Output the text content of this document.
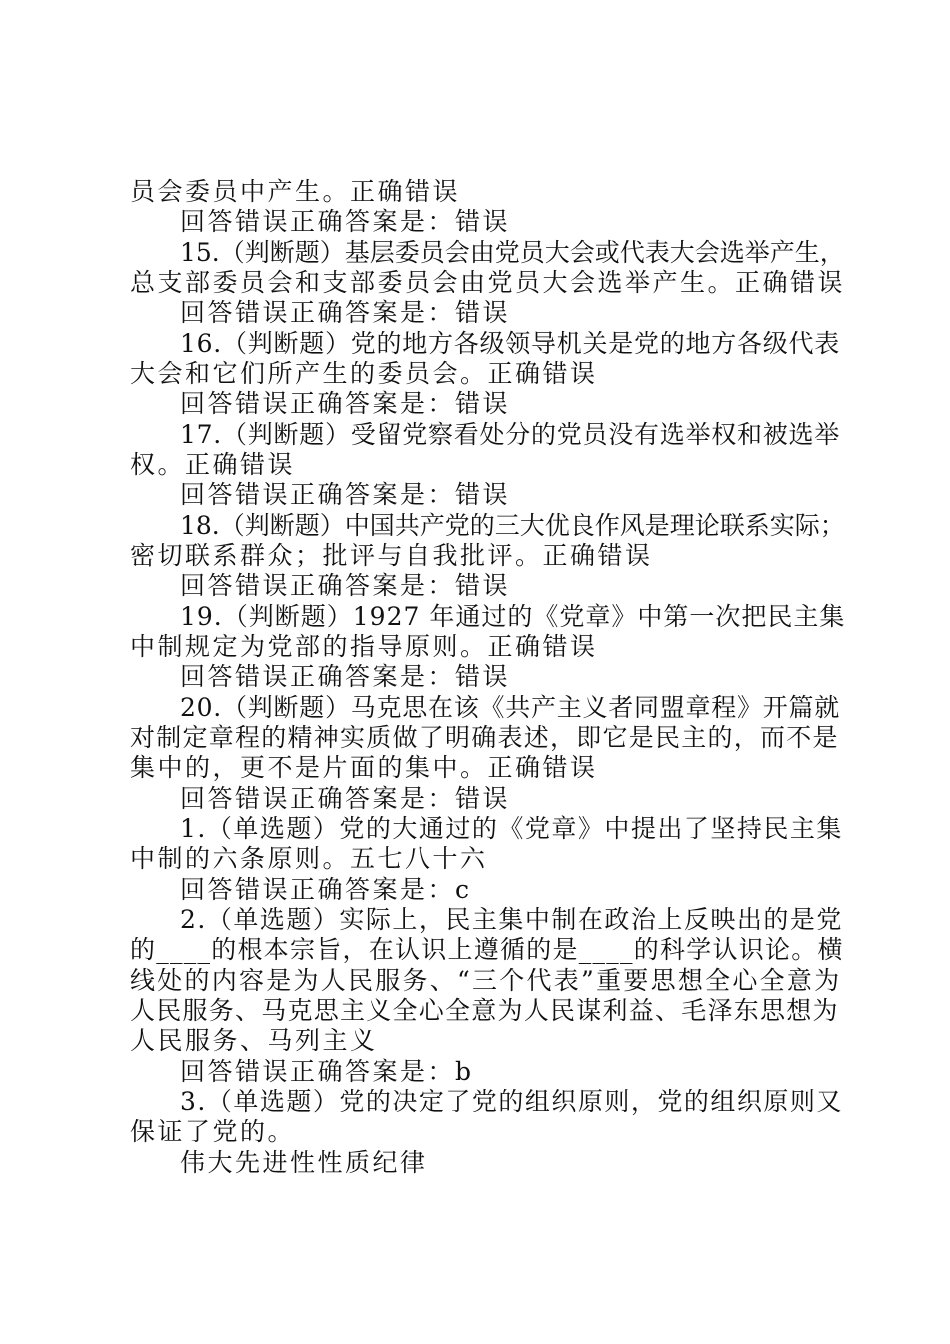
员会委员中产生。正确错误
回答错误正确答案是：错误
15.（判断题）基层委员会由党员大会或代表大会选举产生，
总支部委员会和支部委员会由党员大会选举产生。正确错误
回答错误正确答案是：错误
16.（判断题）党的地方各级领导机关是党的地方各级代表
大会和它们所产生的委员会。正确错误
回答错误正确答案是：错误
17.（判断题）受留党察看处分的党员没有选举权和被选举
权。正确错误
回答错误正确答案是：错误
18.（判断题）中国共产党的三大优良作风是理论联系实际；
密切联系群众；批评与自我批评。正确错误
回答错误正确答案是：错误
19.（判断题）1927 年通过的《党章》中第一次把民主集
中制规定为党部的指导原则。正确错误
回答错误正确答案是：错误
20.（判断题）马克思在该《共产主义者同盟章程》开篇就
对制定章程的精神实质做了明确表述，即它是民主的，而不是
集中的，更不是片面的集中。正确错误
回答错误正确答案是：错误
1.（单选题）党的大通过的《党章》中提出了坚持民主集
中制的六条原则。五七八十六
回答错误正确答案是：c
2.（单选题）实际上，民主集中制在政治上反映出的是党
的____的根本宗旨，在认识上遵循的是____的科学认识论。横
线处的内容是为人民服务、“三个代表”重要思想全心全意为
人民服务、马克思主义全心全意为人民谋利益、毛泽东思想为
人民服务、马列主义
回答错误正确答案是：b
3.（单选题）党的决定了党的组织原则，党的组织原则又
保证了党的。
伟大先进性性质纪律
